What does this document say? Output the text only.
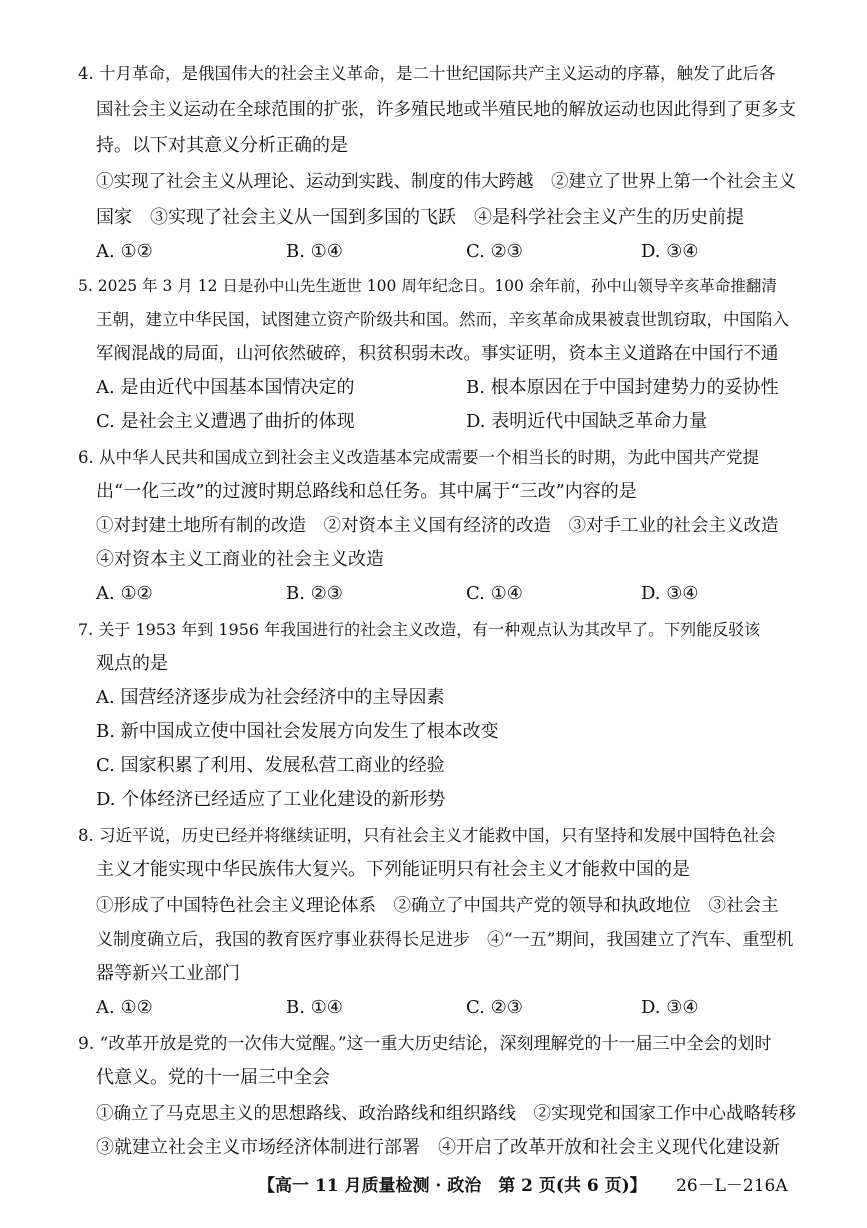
4. 十月革命，是俄国伟大的社会主义革命，是二十世纪国际共产主义运动的序幕，触发了此后各
国社会主义运动在全球范围的扩张，许多殖民地或半殖民地的解放运动也因此得到了更多支
持。以下对其意义分析正确的是
①实现了社会主义从理论、运动到实践、制度的伟大跨越　②建立了世界上第一个社会主义
国家　③实现了社会主义从一国到多国的飞跃　④是科学社会主义产生的历史前提
A. ①②	B. ①④	C. ②③	D. ③④
5. 2025 年 3 月 12 日是孙中山先生逝世 100 周年纪念日。100 余年前，孙中山领导辛亥革命推翻清
王朝，建立中华民国，试图建立资产阶级共和国。然而，辛亥革命成果被袁世凯窃取，中国陷入
军阀混战的局面，山河依然破碎，积贫积弱未改。事实证明，资本主义道路在中国行不通
A. 是由近代中国基本国情决定的	B. 根本原因在于中国封建势力的妥协性
C. 是社会主义遭遇了曲折的体现	D. 表明近代中国缺乏革命力量
6. 从中华人民共和国成立到社会主义改造基本完成需要一个相当长的时期，为此中国共产党提
出“一化三改”的过渡时期总路线和总任务。其中属于“三改”内容的是
①对封建土地所有制的改造　②对资本主义国有经济的改造　③对手工业的社会主义改造
④对资本主义工商业的社会主义改造
A. ①②	B. ②③	C. ①④	D. ③④
7. 关于 1953 年到 1956 年我国进行的社会主义改造，有一种观点认为其改早了。下列能反驳该
观点的是
A. 国营经济逐步成为社会经济中的主导因素
B. 新中国成立使中国社会发展方向发生了根本改变
C. 国家积累了利用、发展私营工商业的经验
D. 个体经济已经适应了工业化建设的新形势
8. 习近平说，历史已经并将继续证明，只有社会主义才能救中国，只有坚持和发展中国特色社会
主义才能实现中华民族伟大复兴。下列能证明只有社会主义才能救中国的是
①形成了中国特色社会主义理论体系　②确立了中国共产党的领导和执政地位　③社会主
义制度确立后，我国的教育医疗事业获得长足进步　④“一五”期间，我国建立了汽车、重型机
器等新兴工业部门
A. ①②	B. ①④	C. ②③	D. ③④
9. “改革开放是党的一次伟大觉醒。”这一重大历史结论，深刻理解党的十一届三中全会的划时
代意义。党的十一届三中全会
①确立了马克思主义的思想路线、政治路线和组织路线　②实现党和国家工作中心战略转移
③就建立社会主义市场经济体制进行部署　④开启了改革开放和社会主义现代化建设新
【高一 11 月质量检测 · 政治　第 2 页(共 6 页)】 26－L－216A
